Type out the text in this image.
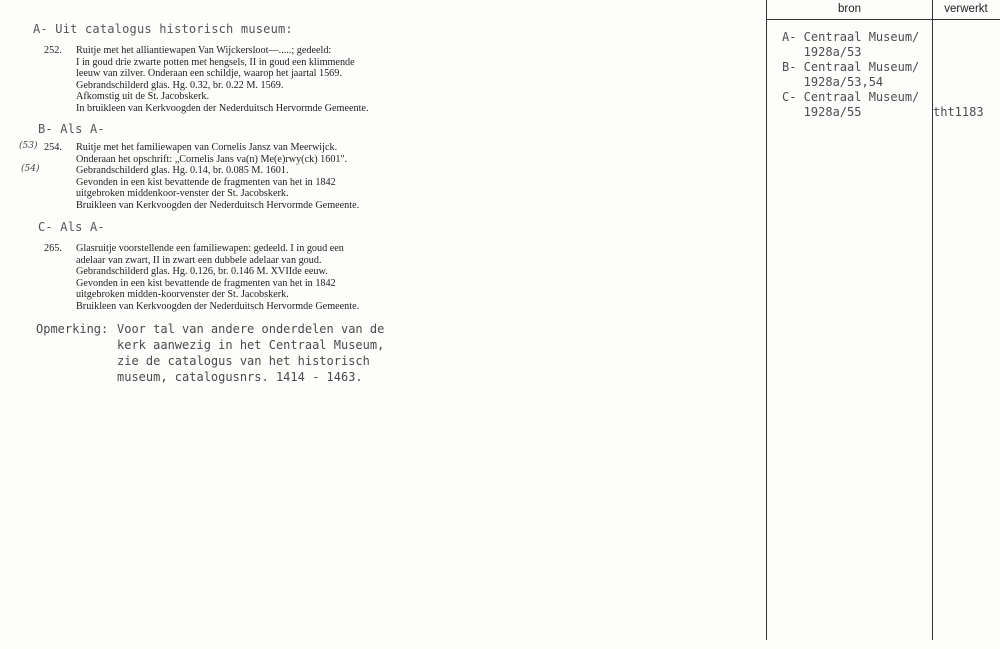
A- Uit catalogus historisch museum:
252.	Ruitje met het alliantiewapen Van Wijckersloot—.....; gedeeld:
I in goud drie zwarte potten met hengsels, II in goud een klimmende
leeuw van zilver. Onderaan een schildje, waarop het jaartal 1569.
Gebrandschilderd glas. Hg. 0.32, br. 0.22 M. 1569.
Afkomstig uit de St. Jacobskerk.
In bruikleen van Kerkvoogden der Nederduitsch Hervormde Gemeente.
B- Als A-
(53)
(54)
254.	Ruitje met het familiewapen van Cornelis Jansz van Meerwijck.
Onderaan het opschrift: „Cornelis Jans va(n) Me(e)rwy(ck) 1601".
Gebrandschilderd glas. Hg. 0.14, br. 0.085 M. 1601.
Gevonden in een kist bevattende de fragmenten van het in 1842
uitgebroken middenkoor-venster der St. Jacobskerk.
Bruikleen van Kerkvoogden der Nederduitsch Hervormde Gemeente.
C- Als A-
265.	Glasruitje voorstellende een familiewapen: gedeeld. I in goud een
adelaar van zwart, II in zwart een dubbele adelaar van goud.
Gebrandschilderd glas. Hg. 0.126, br. 0.146 M. XVIIde eeuw.
Gevonden in een kist bevattende de fragmenten van het in 1842
uitgebroken midden-koorvenster der St. Jacobskerk.
Bruikleen van Kerkvoogden der Nederduitsch Hervormde Gemeente.
Opmerking: Voor tal van andere onderdelen van de
kerk aanwezig in het Centraal Museum,
zie de catalogus van het historisch
museum, catalogusnrs. 1414 - 1463.
bron	verwerkt
A- Centraal Museum/
1928a/53
B- Centraal Museum/
1928a/53,54
C- Centraal Museum/
1928a/55	tht1183
